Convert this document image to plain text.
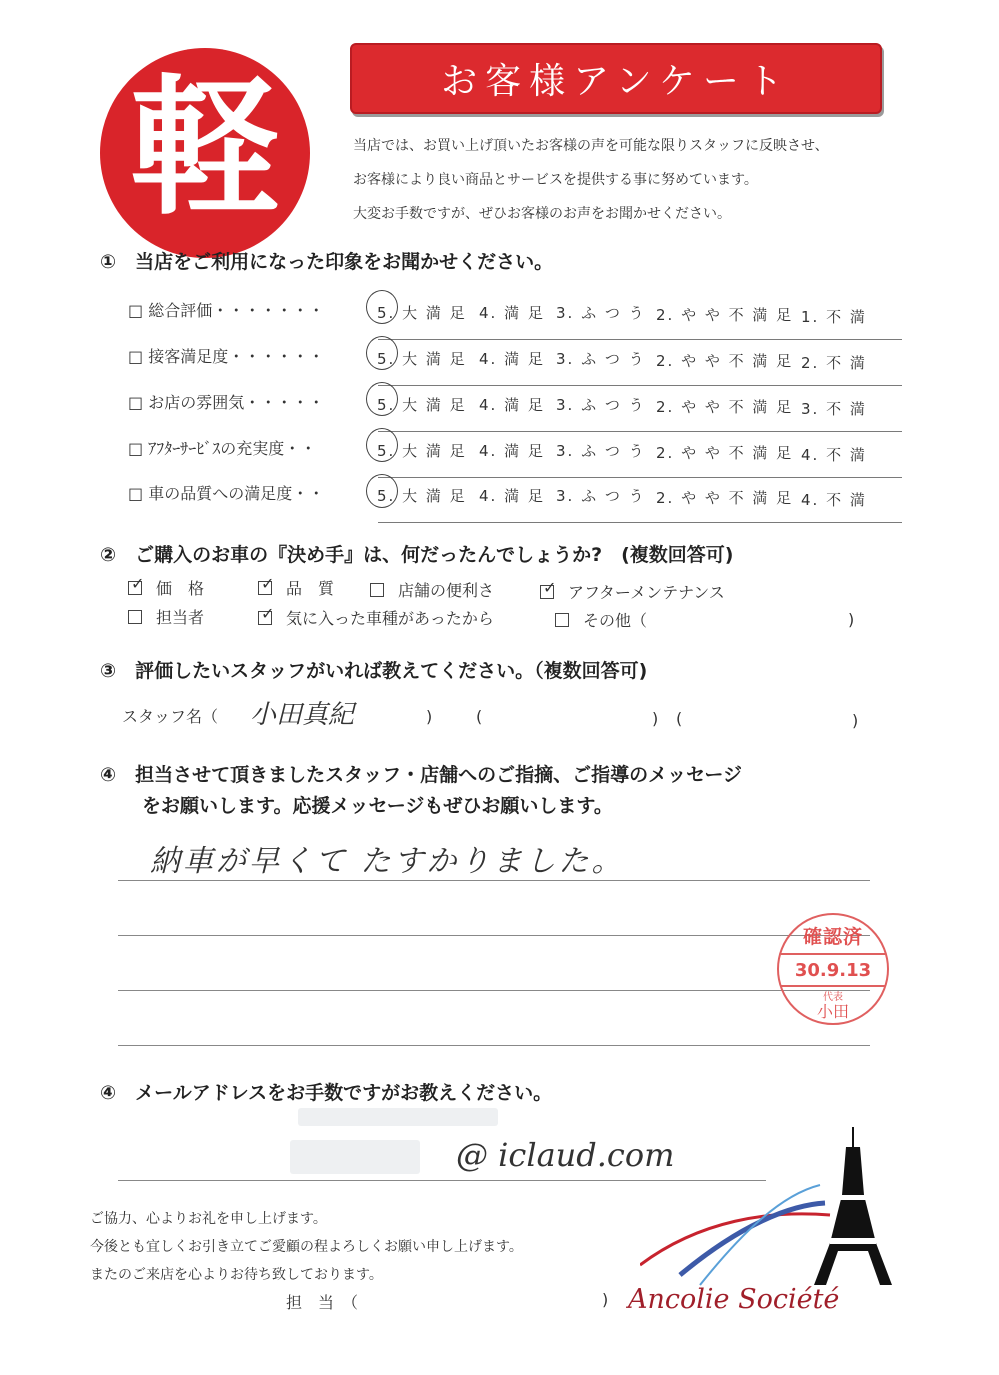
軽	お客様アンケート
当店では、お買い上げ頂いたお客様の声を可能な限りスタッフに反映させ、
お客様により良い商品とサービスを提供する事に努めています。
大変お手数ですが、ぜひお客様のお声をお聞かせください。
①　当店をご利用になった印象をお聞かせください。
□ 総合評価・・・・・・・	5. 大 満 足 4. 満 足 3. ふ つ う 2. や や 不 満 足 1. 不 満
□ 接客満足度・・・・・・	5. 大 満 足 4. 満 足 3. ふ つ う 2. や や 不 満 足 2. 不 満
□ お店の雰囲気・・・・・	5. 大 満 足 4. 満 足 3. ふ つ う 2. や や 不 満 足 3. 不 満
□ ｱﾌﾀｰｻｰﾋﾞｽの充実度・・	5. 大 満 足 4. 満 足 3. ふ つ う 2. や や 不 満 足 4. 不 満
□ 車の品質への満足度・・	5. 大 満 足 4. 満 足 3. ふ つ う 2. や や 不 満 足 4. 不 満
②　ご購入のお車の『決め手』は、何だったんでしょうか?　(複数回答可)
✓価　格 ✓	品　質	店舗の便利さ ✓	アフターメンテナンス
担当者 ✓	気に入った車種があったから	その他（	)
③　評価したいスタッフがいれば教えてください。（複数回答可)
スタッフ名（ 小田真紀	)	(	) (	)
④　担当させて頂きましたスタッフ・店舗へのご指摘、ご指導のメッセージ
をお願いします。応援メッセージもぜひお願いします。
納車が早くて たすかりました。
確認済
30.9.13
代表
小田
④　メールアドレスをお手数ですがお教えください。
@ iclaud.com
ご協力、心よりお礼を申し上げます。
今後とも宜しくお引き立てご愛顧の程よろしくお願い申し上げます。
またのご来店を心よりお待ち致しております。
担　当　（	) Ancolie Société
